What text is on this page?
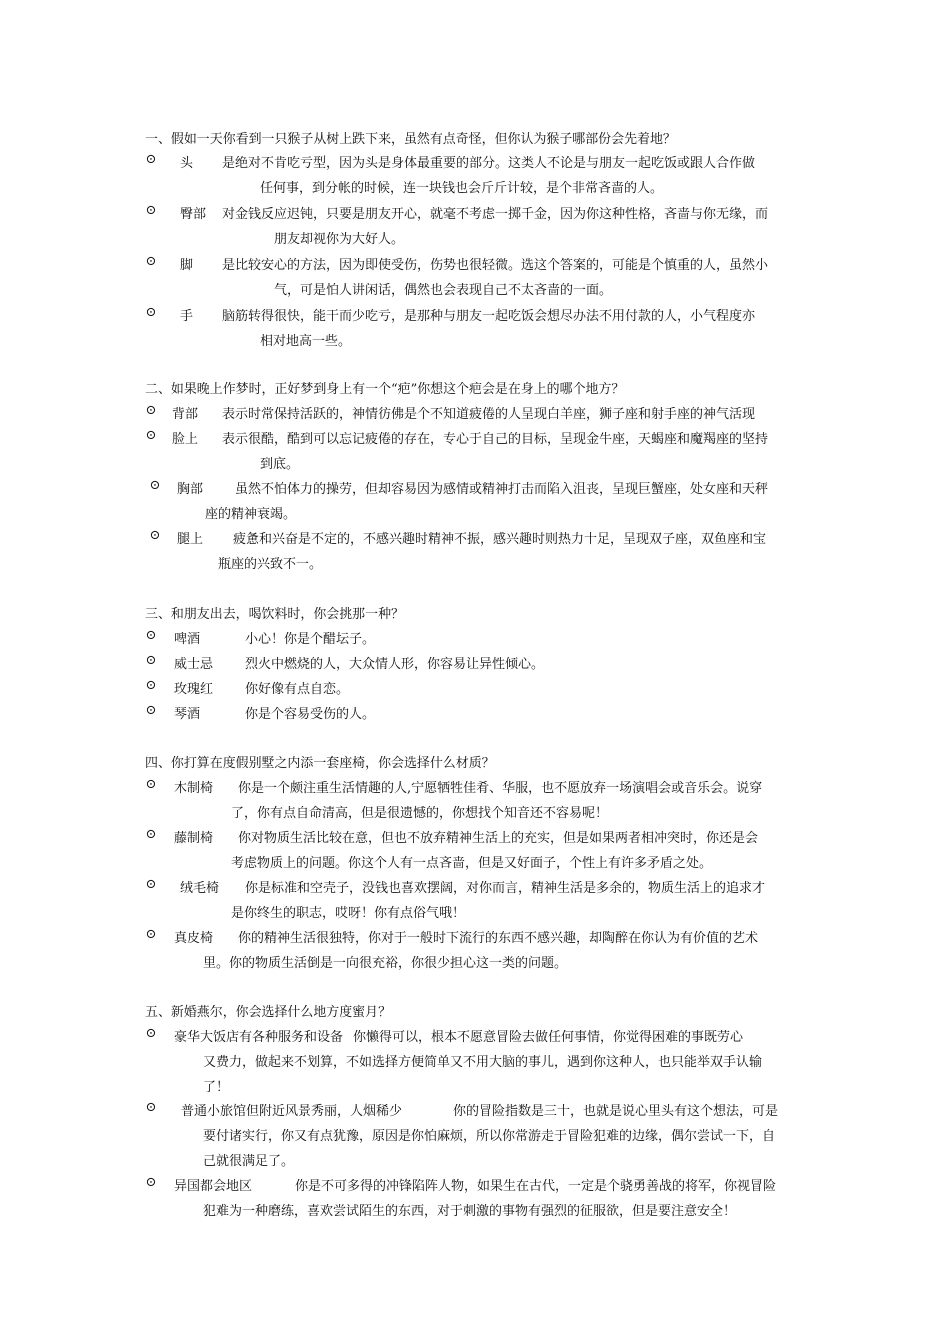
一、假如一天你看到一只猴子从树上跌下来，虽然有点奇怪，但你认为猴子哪部份会先着地？
⊙ 头 是绝对不肯吃亏型，因为头是身体最重要的部分。这类人不论是与朋友一起吃饭或跟人合作做
任何事，到分帐的时候，连一块钱也会斤斤计较，是个非常吝啬的人。
⊙ 臀部 对金钱反应迟钝，只要是朋友开心，就毫不考虑一掷千金，因为你这种性格，吝啬与你无缘，而
朋友却视你为大好人。
⊙ 脚 是比较安心的方法，因为即使受伤，伤势也很轻微。选这个答案的，可能是个慎重的人，虽然小
气，可是怕人讲闲话，偶然也会表现自己不太吝啬的一面。
⊙ 手 脑筋转得很快，能干而少吃亏，是那种与朋友一起吃饭会想尽办法不用付款的人，小气程度亦
相对地高一些。
二、如果晚上作梦时，正好梦到身上有一个“疤”你想这个疤会是在身上的哪个地方？
⊙ 背部 表示时常保持活跃的，神情彷佛是个不知道疲倦的人呈现白羊座，狮子座和射手座的神气活现
⊙ 脸上 表示很酷，酷到可以忘记疲倦的存在，专心于自己的目标，呈现金牛座，天蝎座和魔羯座的坚持
到底。
⊙ 胸部 虽然不怕体力的操劳，但却容易因为感情或精神打击而陷入沮丧，呈现巨蟹座，处女座和天秤
座的精神衰竭。
⊙ 腿上 疲惫和兴奋是不定的，不感兴趣时精神不振，感兴趣时则热力十足，呈现双子座，双鱼座和宝
瓶座的兴致不一。
三、和朋友出去，喝饮料时，你会挑那一种？
⊙ 啤酒	小心！你是个醋坛子。
⊙ 威士忌 烈火中燃烧的人，大众情人形，你容易让异性倾心。
⊙ 玫瑰红 你好像有点自恋。
⊙ 琴酒	你是个容易受伤的人。
四、你打算在度假别墅之内添一套座椅，你会选择什么材质？
⊙ 木制椅 你是一个颇注重生活情趣的人,宁愿牺牲佳肴、华服，也不愿放弃一场演唱会或音乐会。说穿
了，你有点自命清高，但是很遗憾的，你想找个知音还不容易呢！
⊙ 藤制椅 你对物质生活比较在意，但也不放弃精神生活上的充实，但是如果两者相冲突时，你还是会
考虑物质上的问题。你这个人有一点吝啬，但是又好面子，个性上有许多矛盾之处。
⊙ 绒毛椅 你是标准和空壳子，没钱也喜欢摆阔，对你而言，精神生活是多余的，物质生活上的追求才
是你终生的职志，哎呀！你有点俗气哦！
⊙ 真皮椅 你的精神生活很独特，你对于一般时下流行的东西不感兴趣，却陶醉在你认为有价值的艺术
里。你的物质生活倒是一向很充裕，你很少担心这一类的问题。
五、新婚燕尔，你会选择什么地方度蜜月？
⊙ 豪华大饭店有各种服务和设备 你懒得可以，根本不愿意冒险去做任何事情，你觉得困难的事既劳心
又费力，做起来不划算，不如选择方便简单又不用大脑的事儿，遇到你这种人，也只能举双手认输
了！
⊙ 普通小旅馆但附近风景秀丽，人烟稀少	你的冒险指数是三十，也就是说心里头有这个想法，可是
要付诸实行，你又有点犹豫，原因是你怕麻烦，所以你常游走于冒险犯难的边缘，偶尔尝试一下，自
己就很满足了。
⊙ 异国都会地区	你是不可多得的冲锋陷阵人物，如果生在古代，一定是个骁勇善战的将军，你视冒险
犯难为一种磨练，喜欢尝试陌生的东西，对于刺激的事物有强烈的征服欲，但是要注意安全！
